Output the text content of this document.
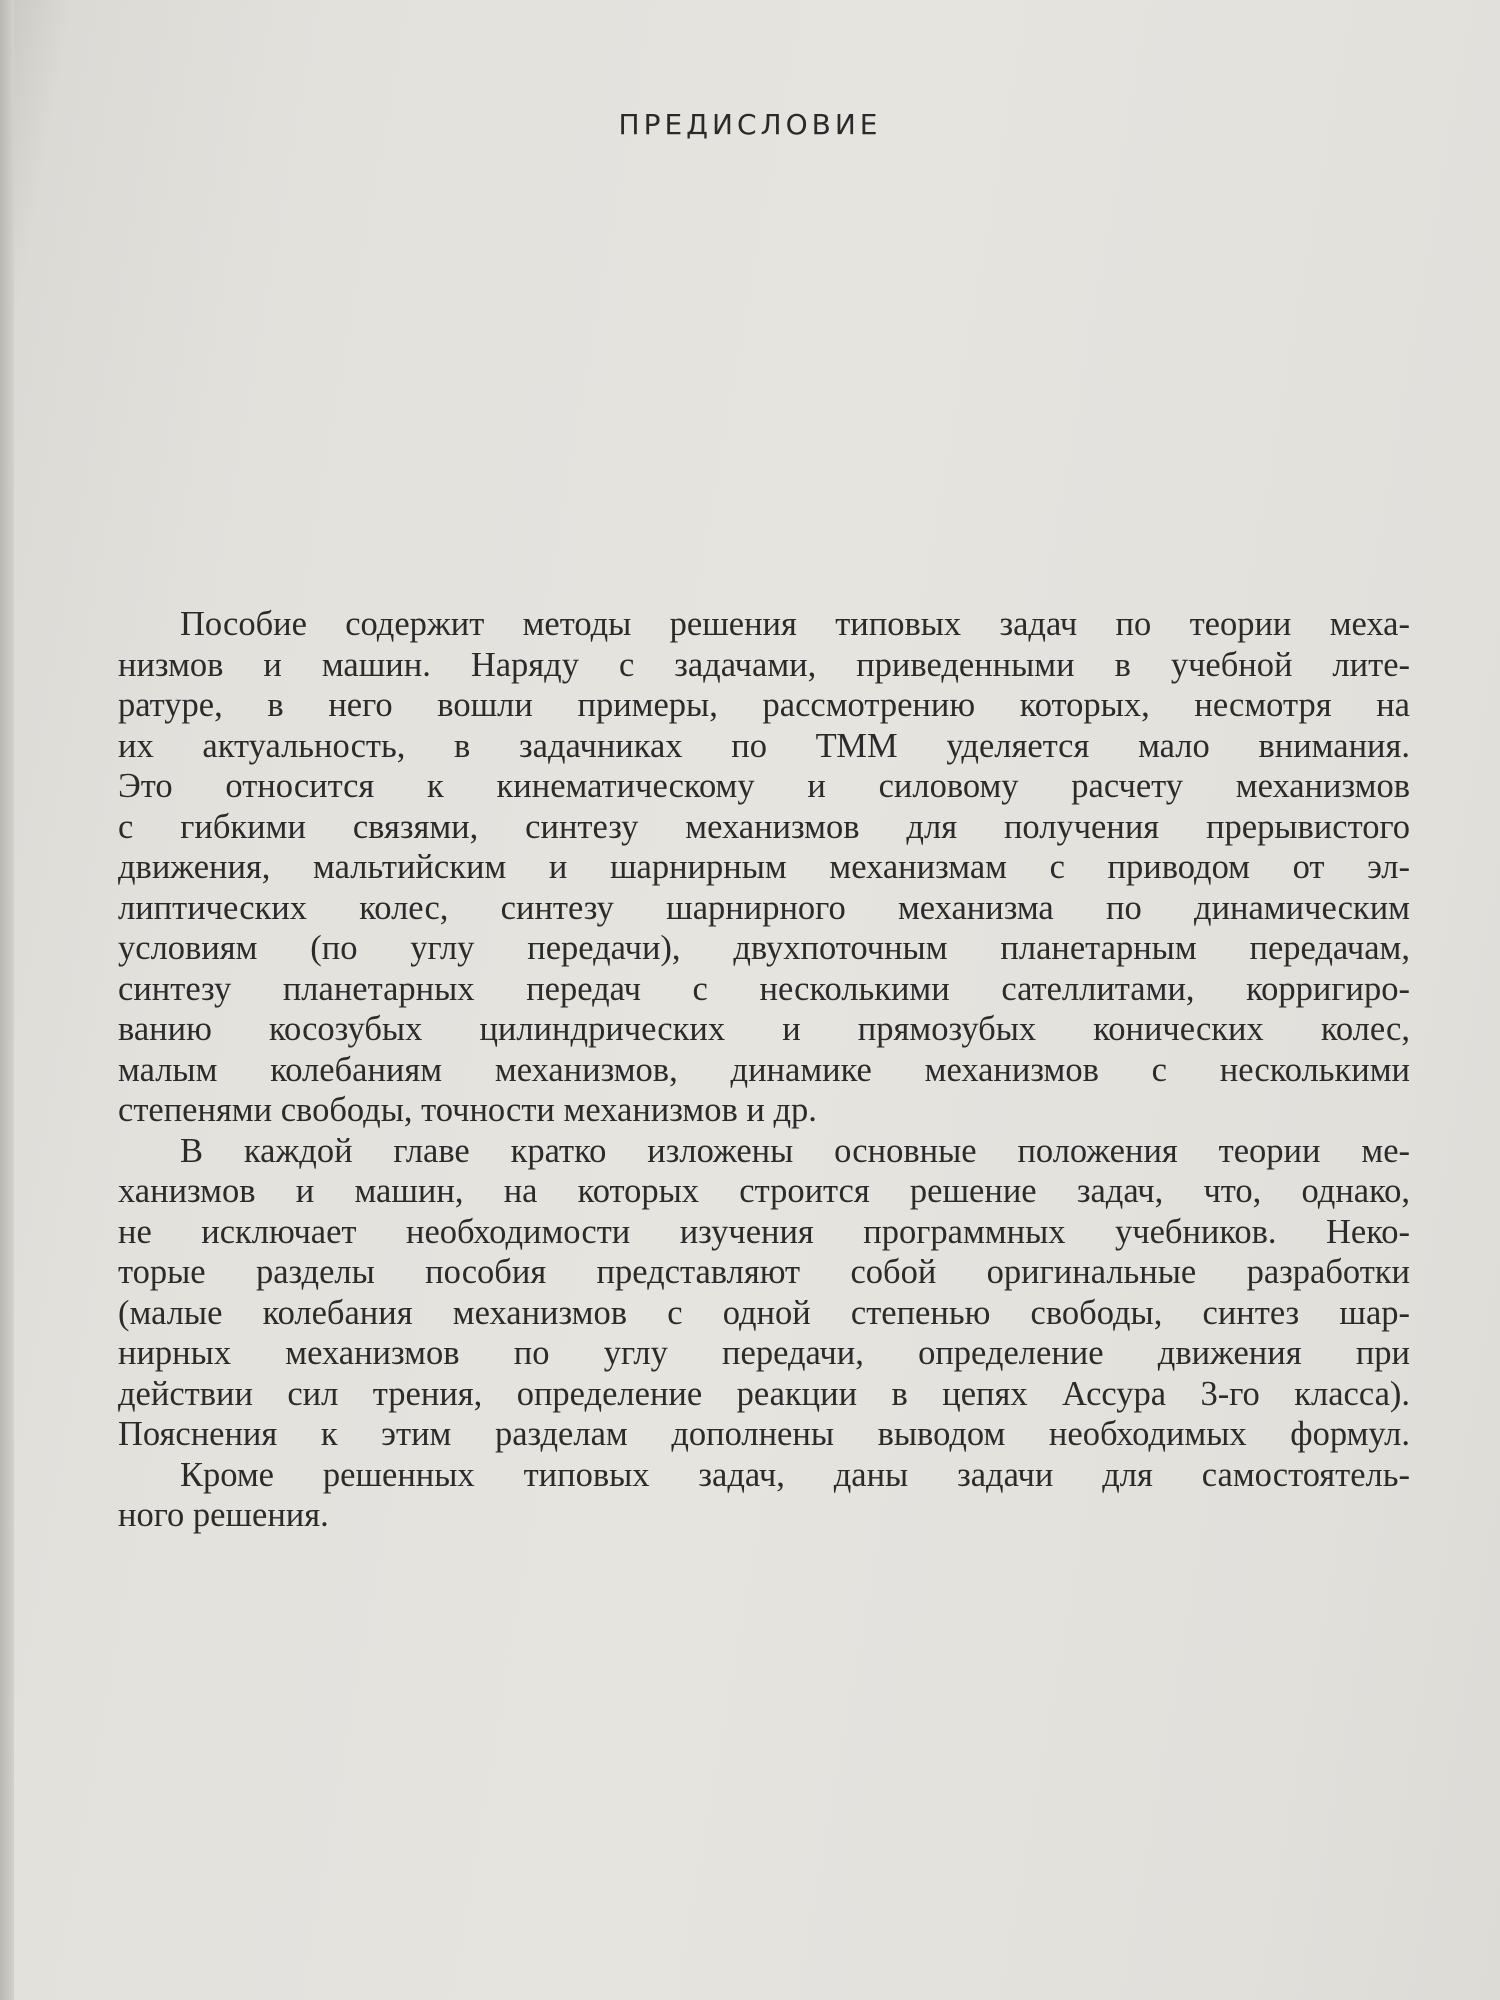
ПРЕДИСЛОВИЕ
Пособие содержит методы решения типовых задач по теории меха-
низмов и машин. Наряду с задачами, приведенными в учебной лите-
ратуре, в него вошли примеры, рассмотрению которых, несмотря на
их актуальность, в задачниках по ТММ уделяется мало внимания.
Это относится к кинематическому и силовому расчету механизмов
с гибкими связями, синтезу механизмов для получения прерывистого
движения, мальтийским и шарнирным механизмам с приводом от эл-
липтических колес, синтезу шарнирного механизма по динамическим
условиям (по углу передачи), двухпоточным планетарным передачам,
синтезу планетарных передач с несколькими сателлитами, корригиро-
ванию косозубых цилиндрических и прямозубых конических колес,
малым колебаниям механизмов, динамике механизмов с несколькими
степенями свободы, точности механизмов и др.
В каждой главе кратко изложены основные положения теории ме-
ханизмов и машин, на которых строится решение задач, что, однако,
не исключает необходимости изучения программных учебников. Неко-
торые разделы пособия представляют собой оригинальные разработки
(малые колебания механизмов с одной степенью свободы, синтез шар-
нирных механизмов по углу передачи, определение движения при
действии сил трения, определение реакции в цепях Ассура 3-го класса).
Пояснения к этим разделам дополнены выводом необходимых формул.
Кроме решенных типовых задач, даны задачи для самостоятель-
ного решения.
